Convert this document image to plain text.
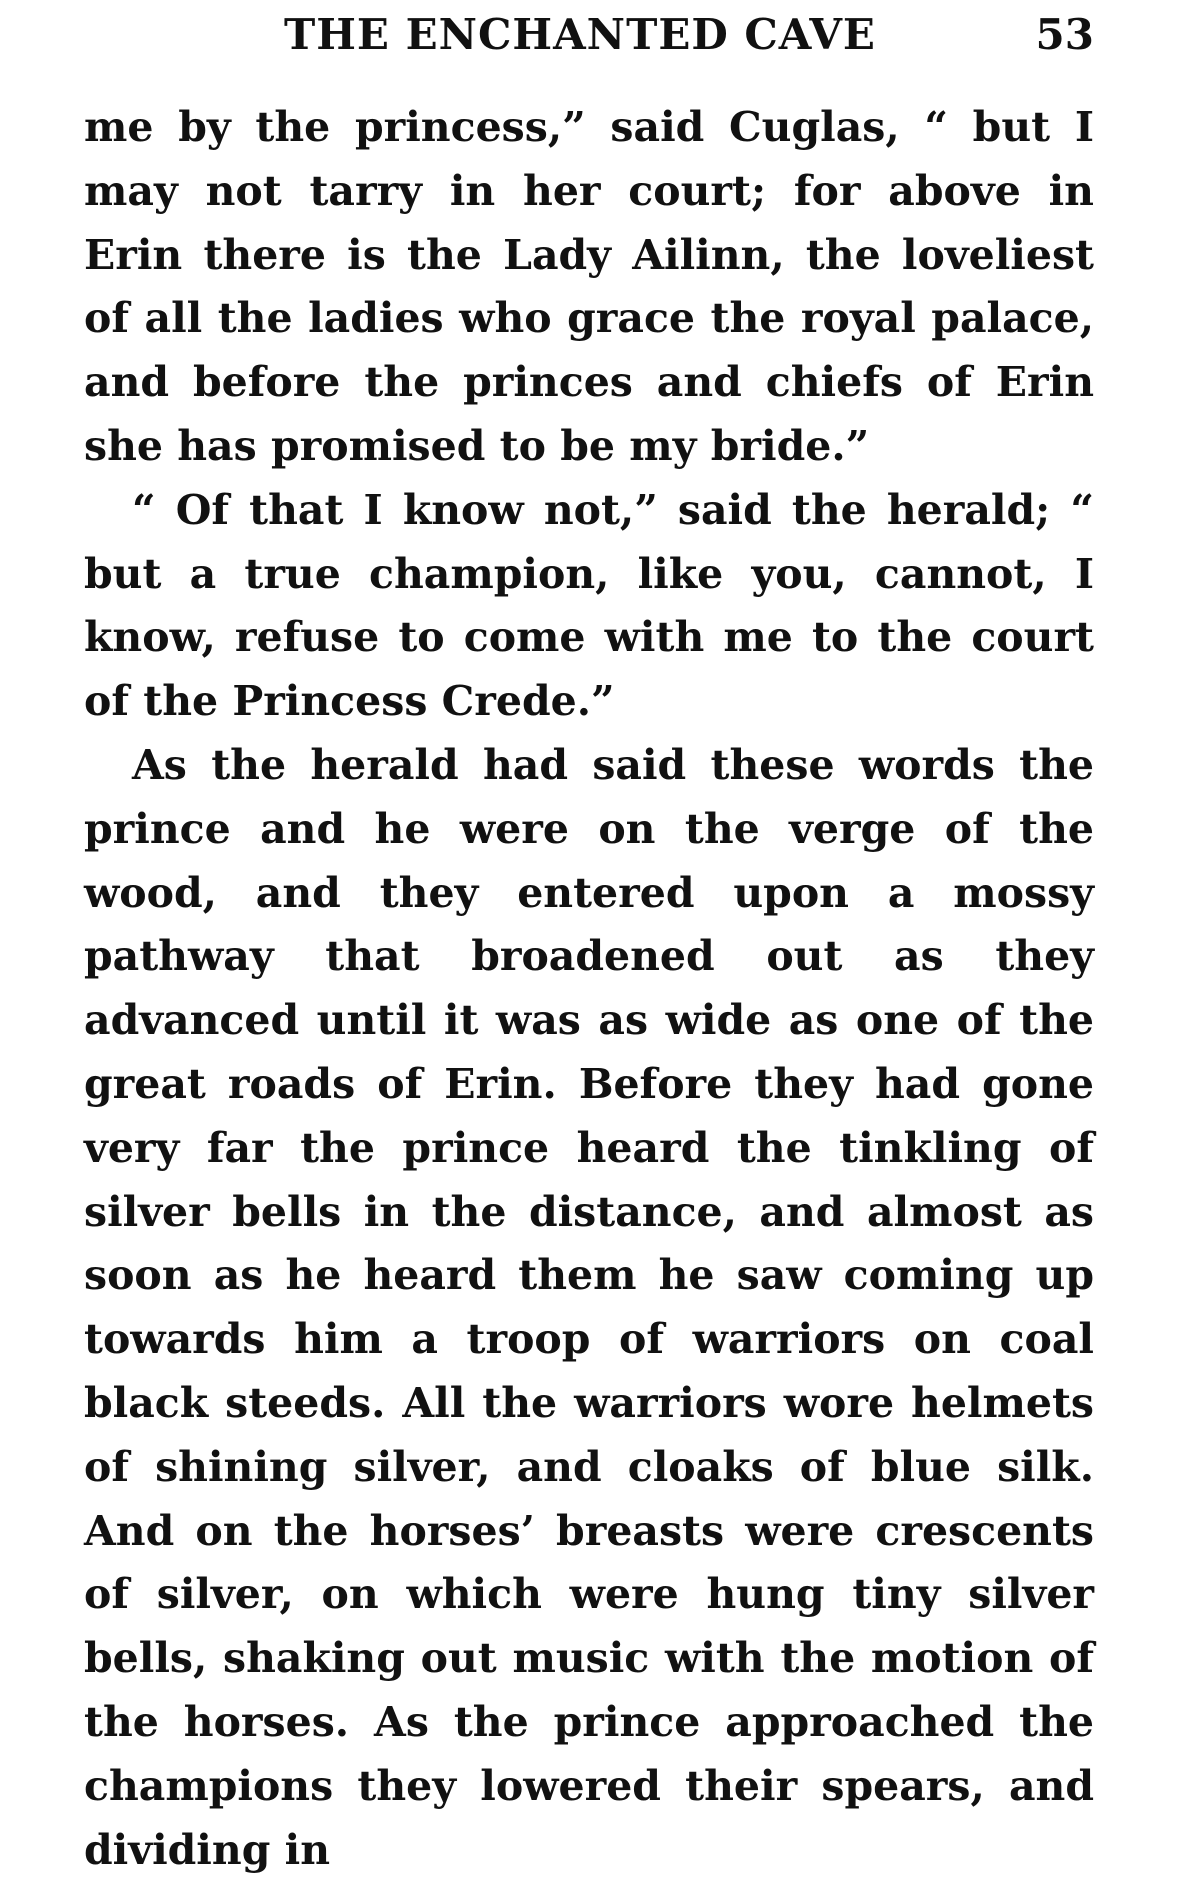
THE ENCHANTED CAVE	53

me by the princess,” said Cuglas, “ but I may not tarry in her court; for above in Erin there is the Lady Ailinn, the loveliest of all the ladies who grace the royal palace, and before the princes and chiefs of Erin she has promised to be my bride.”

“ Of that I know not,” said the herald; “ but a true champion, like you, cannot, I know, refuse to come with me to the court of the Princess Crede.”

As the herald had said these words the prince and he were on the verge of the wood, and they entered upon a mossy pathway that broadened out as they advanced until it was as wide as one of the great roads of Erin. Before they had gone very far the prince heard the tinkling of silver bells in the distance, and almost as soon as he heard them he saw coming up towards him a troop of warriors on coal black steeds. All the warriors wore helmets of shining silver, and cloaks of blue silk. And on the horses’ breasts were crescents of silver, on which were hung tiny silver bells, shaking out music with the motion of the horses. As the prince approached the champions they lowered their spears, and dividing in
